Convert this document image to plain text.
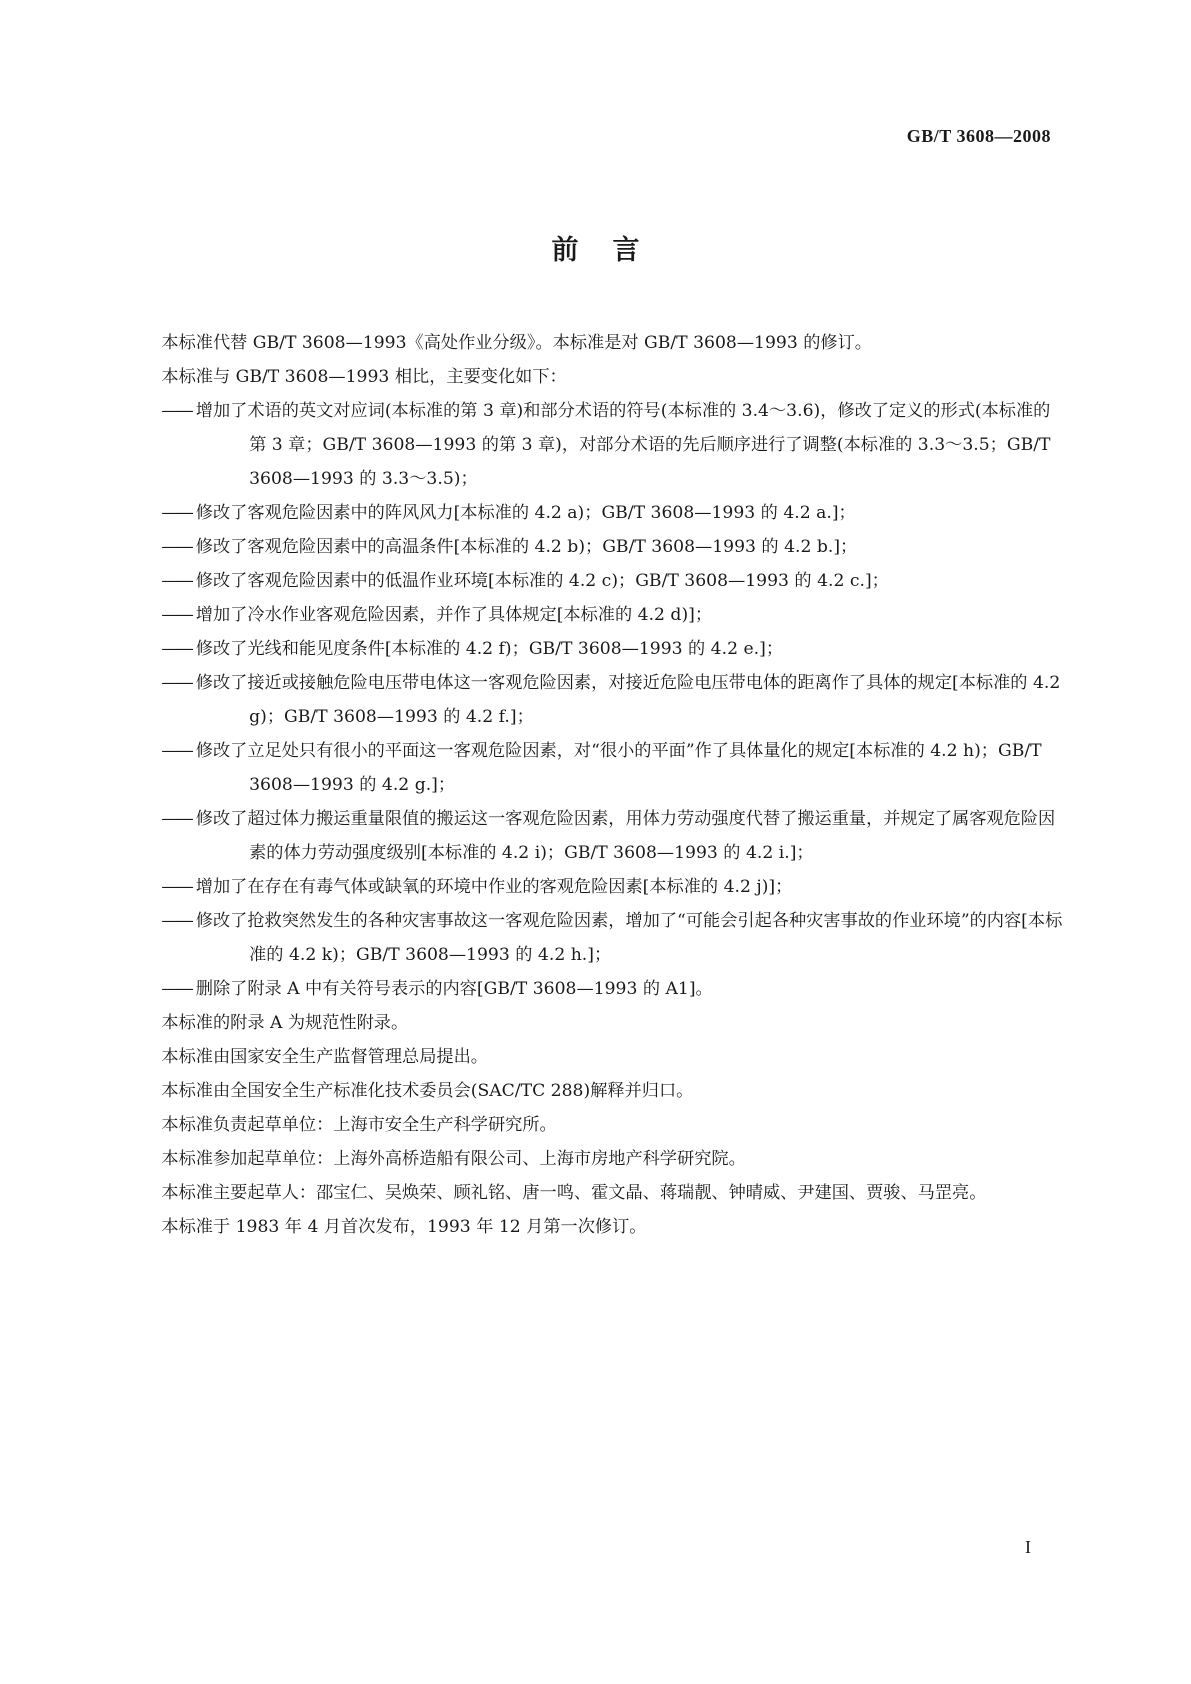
GB/T 3608—2008
前言

本标准代替 GB/T 3608—1993《高处作业分级》。本标准是对 GB/T 3608—1993 的修订。

本标准与 GB/T 3608—1993 相比，主要变化如下：

—— 增加了术语的英文对应词(本标准的第 3 章)和部分术语的符号(本标准的 3.4～3.6)，修改了定义的形式(本标准的第 3 章；GB/T 3608—1993 的第 3 章)，对部分术语的先后顺序进行了调整(本标准的 3.3～3.5；GB/T 3608—1993 的 3.3～3.5)；

—— 修改了客观危险因素中的阵风风力[本标准的 4.2 a)；GB/T 3608—1993 的 4.2 a.]；

—— 修改了客观危险因素中的高温条件[本标准的 4.2 b)；GB/T 3608—1993 的 4.2 b.]；

—— 修改了客观危险因素中的低温作业环境[本标准的 4.2 c)；GB/T 3608—1993 的 4.2 c.]；

—— 增加了冷水作业客观危险因素，并作了具体规定[本标准的 4.2 d)]；

—— 修改了光线和能见度条件[本标准的 4.2 f)；GB/T 3608—1993 的 4.2 e.]；

—— 修改了接近或接触危险电压带电体这一客观危险因素，对接近危险电压带电体的距离作了具体的规定[本标准的 4.2 g)；GB/T 3608—1993 的 4.2 f.]；

—— 修改了立足处只有很小的平面这一客观危险因素，对“很小的平面”作了具体量化的规定[本标准的 4.2 h)；GB/T 3608—1993 的 4.2 g.]；

—— 修改了超过体力搬运重量限值的搬运这一客观危险因素，用体力劳动强度代替了搬运重量，并规定了属客观危险因素的体力劳动强度级别[本标准的 4.2 i)；GB/T 3608—1993 的 4.2 i.]；

—— 增加了在存在有毒气体或缺氧的环境中作业的客观危险因素[本标准的 4.2 j)]；

—— 修改了抢救突然发生的各种灾害事故这一客观危险因素，增加了“可能会引起各种灾害事故的作业环境”的内容[本标准的 4.2 k)；GB/T 3608—1993 的 4.2 h.]；

—— 删除了附录 A 中有关符号表示的内容[GB/T 3608—1993 的 A1]。

本标准的附录 A 为规范性附录。

本标准由国家安全生产监督管理总局提出。

本标准由全国安全生产标准化技术委员会(SAC/TC 288)解释并归口。

本标准负责起草单位：上海市安全生产科学研究所。

本标准参加起草单位：上海外高桥造船有限公司、上海市房地产科学研究院。

本标准主要起草人：邵宝仁、吴焕荣、顾礼铭、唐一鸣、霍文晶、蒋瑞靓、钟晴威、尹建国、贾骏、马罡亮。

本标准于 1983 年 4 月首次发布，1993 年 12 月第一次修订。

I
